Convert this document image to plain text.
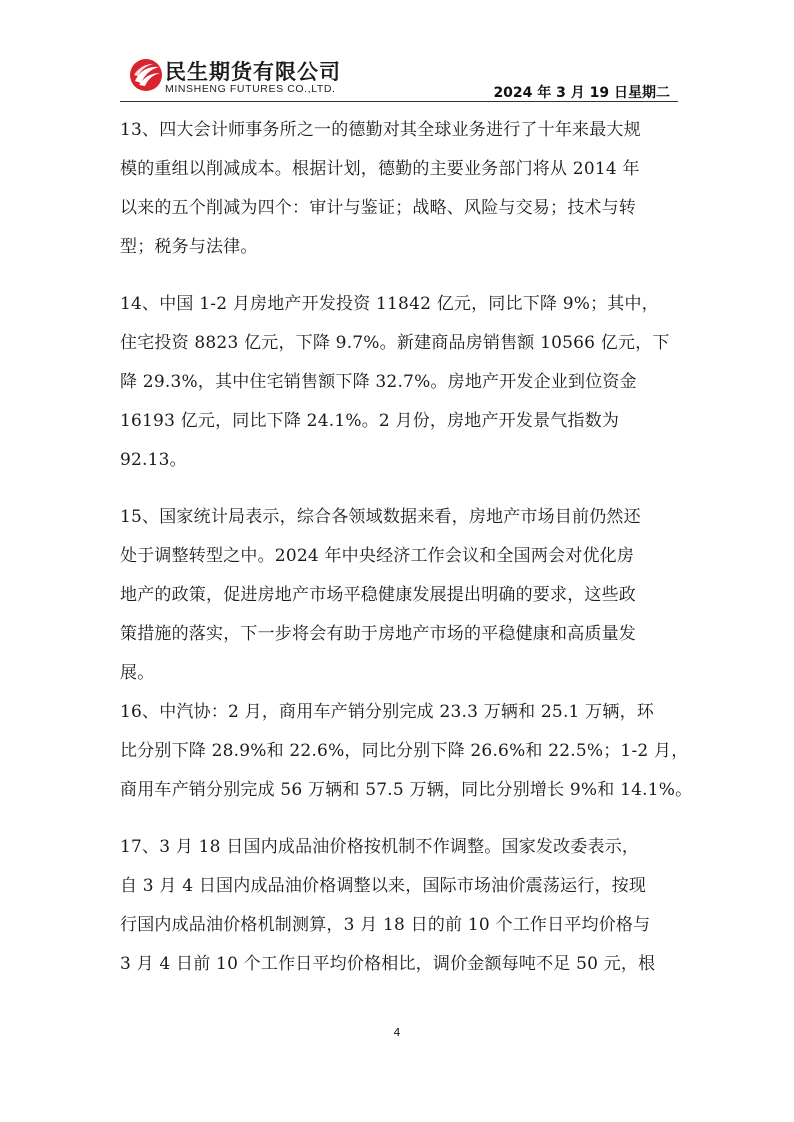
民生期货有限公司
MINSHENG FUTURES CO.,LTD.	2024 年 3 月 19 日星期二
13、四大会计师事务所之一的德勤对其全球业务进行了十年来最大规
模的重组以削减成本。根据计划，德勤的主要业务部门将从 2014 年
以来的五个削减为四个：审计与鉴证；战略、风险与交易；技术与转
型；税务与法律。
14、中国 1-2 月房地产开发投资 11842 亿元，同比下降 9%；其中，
住宅投资 8823 亿元，下降 9.7%。新建商品房销售额 10566 亿元，下
降 29.3%，其中住宅销售额下降 32.7%。房地产开发企业到位资金
16193 亿元，同比下降 24.1%。2 月份，房地产开发景气指数为
92.13。
15、国家统计局表示，综合各领域数据来看，房地产市场目前仍然还
处于调整转型之中。2024 年中央经济工作会议和全国两会对优化房
地产的政策，促进房地产市场平稳健康发展提出明确的要求，这些政
策措施的落实，下一步将会有助于房地产市场的平稳健康和高质量发
展。
16、中汽协：2 月，商用车产销分别完成 23.3 万辆和 25.1 万辆，环
比分别下降 28.9%和 22.6%，同比分别下降 26.6%和 22.5%；1-2 月，
商用车产销分别完成 56 万辆和 57.5 万辆，同比分别增长 9%和 14.1%。
17、3 月 18 日国内成品油价格按机制不作调整。国家发改委表示，
自 3 月 4 日国内成品油价格调整以来，国际市场油价震荡运行，按现
行国内成品油价格机制测算，3 月 18 日的前 10 个工作日平均价格与
3 月 4 日前 10 个工作日平均价格相比，调价金额每吨不足 50 元，根
4
